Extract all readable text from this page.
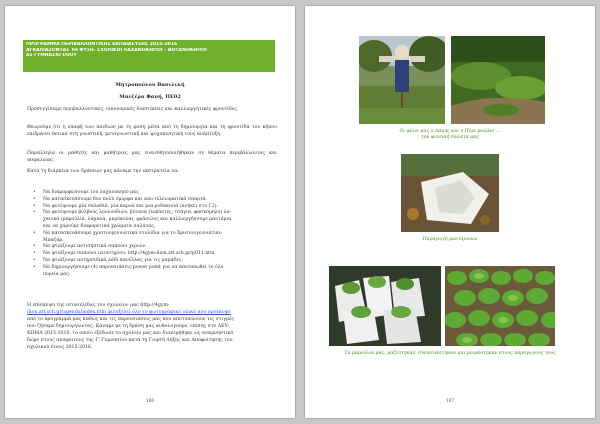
ΠΡΟΓΡΑΜΜΑ ΠΕΡΙΒΑΛΛΟΝΤΙΚΗΣ ΕΚΠΑΙΔΕΥΣΗΣ 2015-2016
ΑΓΚΑΛΙΑΖΟΝΤΑΣ ΤΗ ΦΥΣΗ. ΣΧΟΛΙΚΟΙ ΛΑΧΑΝΟΚΗΠΟΙ – ΒΟΤΑΝΟΚΗΠΟΙ
4ο ΓΥΜΝΑΣΙΟ ΙΛΙΟΥ
Μητροπούλου Βασιλική
Μπεζέρα Φανή, ΠΕ02
Προσεγγίσαμε περιβαλλοντικές, οικονομικές διαστάσεις και καλλιεργητικές φροντίδες.
Θεωρούμε ότι η επαφή των παιδιών με τη φύση μέσα από τη δημιουργία και τη φροντίδα του κήπου επιδράσει θετικά στη γνωστική, μεταγνωστική και ψυχοκινητική τους ανάπτυξη.
Παράλληλα οι μαθητές και μαθήτριες μας ευαισθητοποιήθηκαν σε θέματα περιβάλλοντος και ασφαλείας.
Κατά τη διάρκεια των δράσεων μας κάναμε την εκστρατεία να:
• Να διαμορφώσουμε τον λαχανόκηπό μας
• Να κατασκευάσουμε δυο πολύ όμορφα και απο τελειωματικά σπαρτά.
• Να φυτέψουμε μία σαλαθιά, μία καρυά και μια ροδακινιά (ανήκει στο Γ2).
• Να φυτέψουμε βολβούς λουλουδιών, βότανα (λεβάντες, τσάγια, φασκόμηλο) λα-
χανικά (μαρούλια, λάχανα, μπρόκολα), φράουλες και καλλιεργήσουμε μαντάρια
και να χαρούμε διαφορετικά χρώματα σαλάτας.
• Να κατασκευάσουμε χριστουγεννιάτικα στολίδια για το Χριστουγεννιάτικο
Μπαζάρ.
• Να φτιάξουμε αντισηπτικά σαπούνι χεριών.
• Να φτιάξουμε σαπούνι πλυντηρίου: http://4gym-ilion.att.sch.gr/p011.htm
• Να φτιάξουμε αντηρσιδικά λάδι κανέλλας για τις μαμάδες.
• Να δημιουργήσουμε (4) παρουσιάσεις power point για να αποτυπωθεί το όλο
πορεία μας.
Η επίσκεψη της ιστοσελίδας του σχολείου μας http://4gym-
ilion.att.sch.gr/agenda/index.htm φιλοξενεί όλο το φωτογραφικό υλικό που προέκυψε
από το πρόγραμμά μας καθώς και τις παρουσιάσεις μας που αποτυπώνουν τις στιγμές
που ζήσαμε δημιουργώντας. Κάναμε με τη δράση μας ανθολογούμε, επίσης στο ΛΕΥ-
ΚΩΜΑ 2015-2016, το οποίο εξέδωσε το σχολείο μας και διανεμήθηκε ως αναμνηστικό
δώρο στους απόφοιτους της Γ' Γυμνασίου κατά τη Γιορτή Λήξης και Αποφοίτησης του
σχολικού έτους 2015-2016.
166
Οι φίλοι μας ο Λάκης και η Πέμι φυλάνε ...
την φυτεική σαλάτα μας
Παραγωγή μαντάρινών
Τα μαρούλια μας, μαζεύτηκαν, συσκευάστηκαν και μοιράστηκαν στους παραγωγούς τους
167
